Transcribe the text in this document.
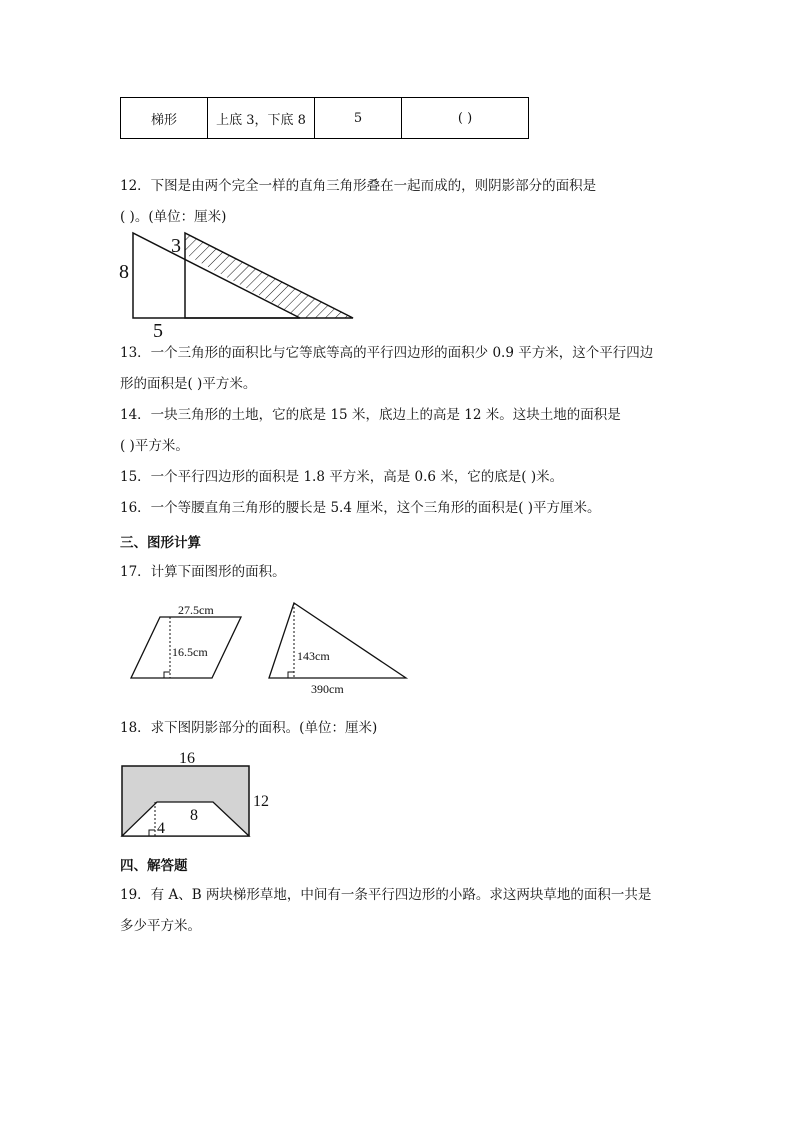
梯形	上底 3，下底 8	5	( )
12．下图是由两个完全一样的直角三角形叠在一起而成的，则阴影部分的面积是
( )。(单位：厘米)
8
3
5
13．一个三角形的面积比与它等底等高的平行四边形的面积少 0.9 平方米，这个平行四边
形的面积是( )平方米。
14．一块三角形的土地，它的底是 15 米，底边上的高是 12 米。这块土地的面积是
( )平方米。
15．一个平行四边形的面积是 1.8 平方米，高是 0.6 米，它的底是( )米。
16．一个等腰直角三角形的腰长是 5.4 厘米，这个三角形的面积是( )平方厘米。
三、图形计算
17．计算下面图形的面积。
27.5cm
16.5cm	143cm
390cm
18．求下图阴影部分的面积。(单位：厘米)
16
12
8
4
四、解答题
19．有 A、B 两块梯形草地，中间有一条平行四边形的小路。求这两块草地的面积一共是
多少平方米。
